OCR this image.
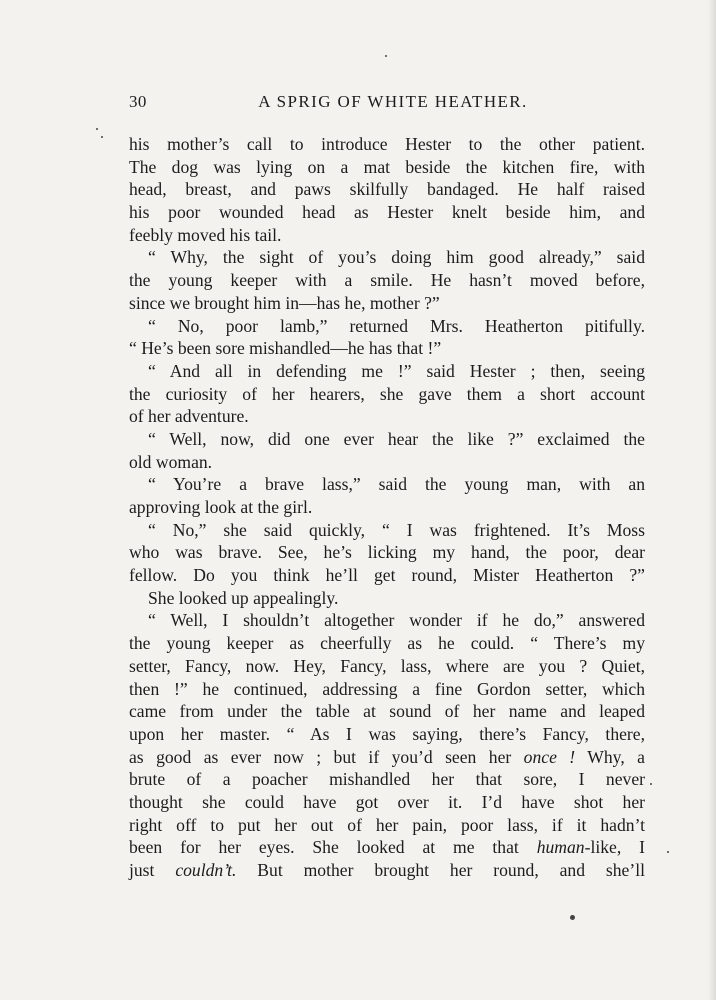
30	A SPRIG OF WHITE HEATHER.
his mother’s call to introduce Hester to the other patient.
The dog was lying on a mat beside the kitchen fire, with
head, breast, and paws skilfully bandaged. He half raised
his poor wounded head as Hester knelt beside him, and
feebly moved his tail.
“ Why, the sight of you’s doing him good already,” said
the young keeper with a smile. He hasn’t moved before,
since we brought him in—has he, mother ?”
“ No, poor lamb,” returned Mrs. Heatherton pitifully.
“ He’s been sore mishandled—he has that !”
“ And all in defending me !” said Hester ; then, seeing
the curiosity of her hearers, she gave them a short account
of her adventure.
“ Well, now, did one ever hear the like ?” exclaimed the
old woman.
“ You’re a brave lass,” said the young man, with an
approving look at the girl.
“ No,” she said quickly, “ I was frightened. It’s Moss
who was brave. See, he’s licking my hand, the poor, dear
fellow. Do you think he’ll get round, Mister Heatherton ?”
She looked up appealingly.
“ Well, I shouldn’t altogether wonder if he do,” answered
the young keeper as cheerfully as he could. “ There’s my
setter, Fancy, now. Hey, Fancy, lass, where are you ? Quiet,
then !” he continued, addressing a fine Gordon setter, which
came from under the table at sound of her name and leaped
upon her master. “ As I was saying, there’s Fancy, there,
as good as ever now ; but if you’d seen her once ! Why, a
brute of a poacher mishandled her that sore, I never
thought she could have got over it. I’d have shot her
right off to put her out of her pain, poor lass, if it hadn’t
been for her eyes. She looked at me that human-like, I
just couldn’t. But mother brought her round, and she’ll
